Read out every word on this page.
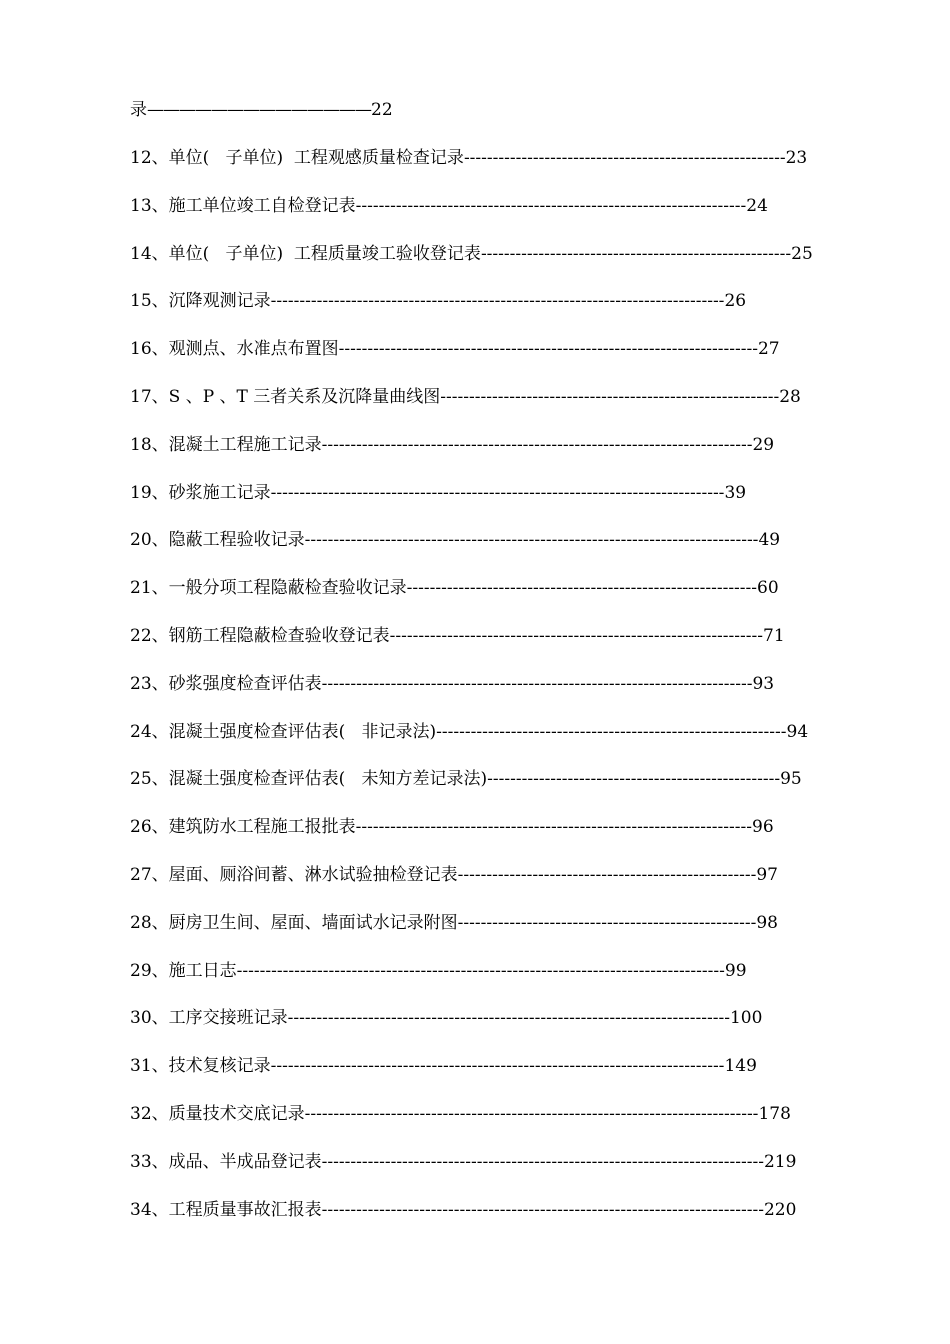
录——————————————22
12、单位(   子单位)  工程观感质量检查记录--------------------------------------------------------23
13、施工单位竣工自检登记表--------------------------------------------------------------------24
14、单位(   子单位)  工程质量竣工验收登记表------------------------------------------------------25
15、沉降观测记录-------------------------------------------------------------------------------26
16、观测点、水准点布置图-------------------------------------------------------------------------27
17、S 、P 、T 三者关系及沉降量曲线图-----------------------------------------------------------28
18、混凝土工程施工记录---------------------------------------------------------------------------29
19、砂浆施工记录-------------------------------------------------------------------------------39
20、隐蔽工程验收记录-------------------------------------------------------------------------------49
21、一般分项工程隐蔽检查验收记录-------------------------------------------------------------60
22、钢筋工程隐蔽检查验收登记表-----------------------------------------------------------------71
23、砂浆强度检查评估表---------------------------------------------------------------------------93
24、混凝土强度检查评估表(   非记录法)-------------------------------------------------------------94
25、混凝土强度检查评估表(   未知方差记录法)---------------------------------------------------95
26、建筑防水工程施工报批表---------------------------------------------------------------------96
27、屋面、厕浴间蓄、淋水试验抽检登记表----------------------------------------------------97
28、厨房卫生间、屋面、墙面试水记录附图----------------------------------------------------98
29、施工日志-------------------------------------------------------------------------------------99
30、工序交接班记录-----------------------------------------------------------------------------100
31、技术复核记录-------------------------------------------------------------------------------149
32、质量技术交底记录-------------------------------------------------------------------------------178
33、成品、半成品登记表-----------------------------------------------------------------------------219
34、工程质量事故汇报表-----------------------------------------------------------------------------220
